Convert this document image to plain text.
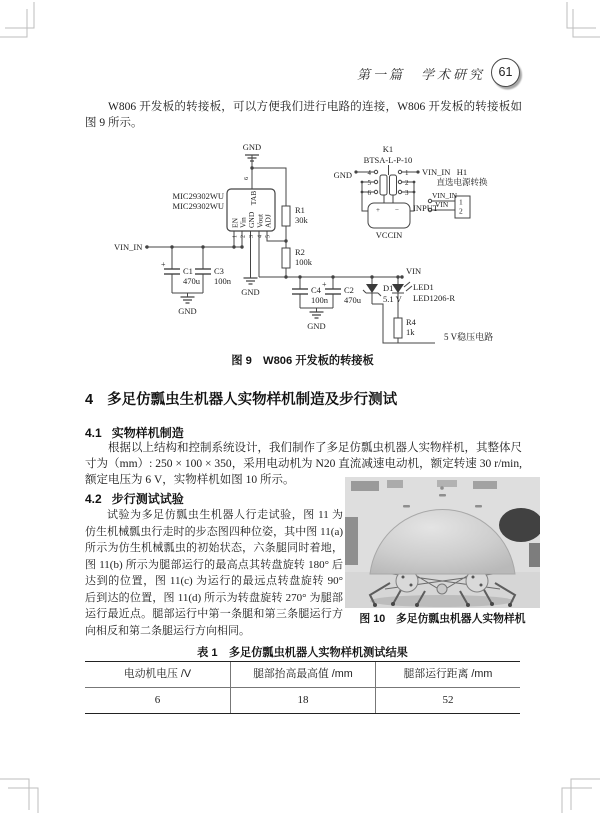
第一篇　学术研究	61
W806 开发板的转接板，可以方便我们进行电路的连接，W806 开发板的转接板如图 9 所示。
GND
VIN_IN
MIC29302WU
MIC29302WU
TAB
6
EN Vin GND Vout ADJ
1 2 3 4 5
R1
30k
R2
100k
+
C1
470u
C3
100n
GND
GND	C4
100n
+
C2
470u
GND
D1
5.1 V
LED1
LED1206-R
R4
1k
VIN
K1
BTSA-L-P-10
GND	VIN_IN
4
5
6
1
2
3
+ − INPUT
VCCIN
H1
直选电源转换
VIN_IN
VIN 1
2
5 V稳压电路
图 9　W806 开发板的转接板
4 多足仿瓢虫生机器人实物样机制造及步行测试
4.1 实物样机制造
根据以上结构和控制系统设计，我们制作了多足仿瓢虫机器人实物样机，其整体尺寸为（mm）: 250 × 100 × 350，采用电动机为 N20 直流减速电动机，额定转速 30 r/min, 额定电压为 6 V，实物样机如图 10 所示。
4.2 步行测试试验
试验为多足仿瓢虫生机器人行走试验，图 11 为仿生机械瓢虫行走时的步态图四种位姿，其中图 11(a) 所示为仿生机械瓢虫的初始状态，六条腿同时着地，图 11(b) 所示为腿部运行的最高点其转盘旋转 180° 后达到的位置，图 11(c) 为运行的最远点转盘旋转 90° 后到达的位置，图 11(d) 所示为转盘旋转 270° 为腿部运行最近点。腿部运行中第一条腿和第三条腿运行方向相反和第二条腿运行方向相同。
图 10　多足仿瓢虫机器人实物样机
表 1　多足仿瓢虫机器人实物样机测试结果
电动机电压 /V	腿部抬高最高值 /mm	腿部运行距离 /mm
6	18	52
